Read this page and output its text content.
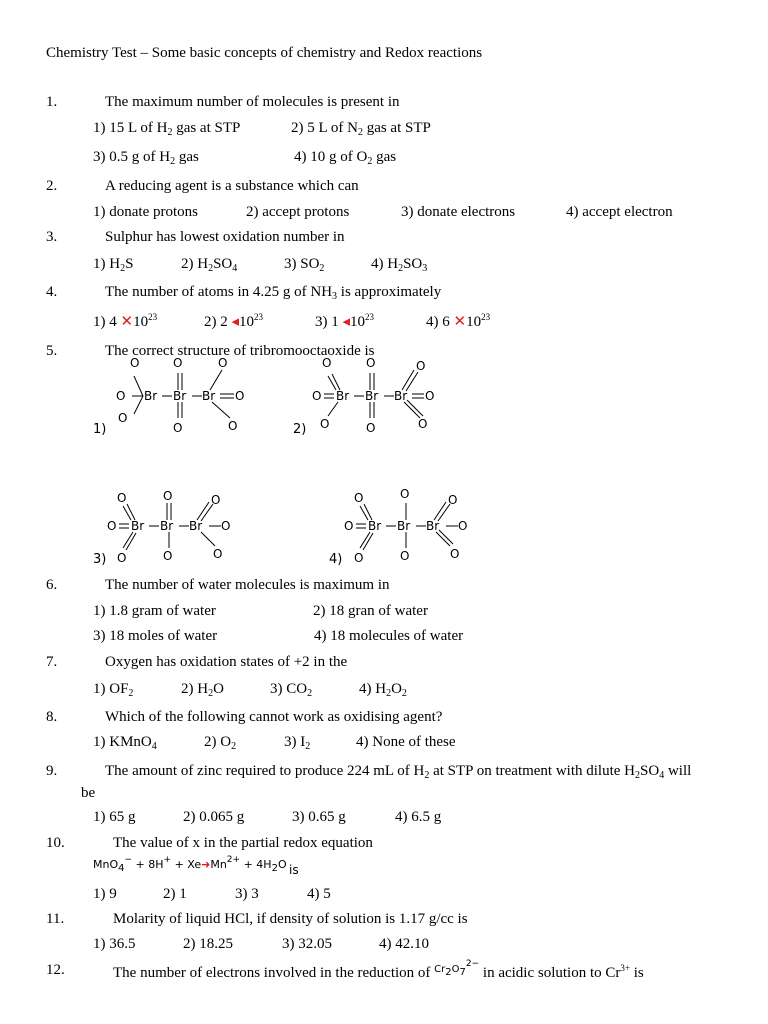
Chemistry Test – Some basic concepts of chemistry and Redox reactions
1.	The maximum number of molecules is present in
1) 15 L of $H_2$ gas at STP	2) 5 L of $N_2$ gas at STP
3) 0.5 g of $H_2$ gas	4) 10 g of $O_2$ gas
2.	A reducing agent is a substance which can
1) donate protons	2) accept protons	3) donate electrons	4) accept electron
3.	Sulphur has lowest oxidation number in
1) $H_2S$	2) $H_2SO_4$	3) $SO_2$	4) $H_2SO_3$
4.	The number of atoms in 4.25 g of $NH_3$ is approximately
1) 4 $✕10^{23}$	2) 2 $◂10^{23}$	3) 1 $◂10^{23}$	4) 6 $✕10^{23}$
5.	The correct structure of tribromooctaoxide is
O	O	O
O Br Br Br O
O
O	O
1)
O	O	O
O Br Br Br O
O	O	O
2)
O	O	O
O Br Br Br O
O	O	O
3)
O	O	O
O Br Br Br O
O	O	O
4)
6.	The number of water molecules is maximum in
1) 1.8 gram of water	2) 18 gran of water
3) 18 moles of water	4) 18 molecules of water
7.	Oxygen has oxidation states of +2 in the
1) $OF_2$	2) $H_2O$	3) $CO_2$	4) $H_2O_2$
8.	Which of the following cannot work as oxidising agent?
1) KMnO$_4$	2) $O_2$	3) $I_2$	4) None of these
9.	The amount of zinc required to produce 224 mL of $H_2$ at STP on treatment with dilute $H_2SO_4$ will
be
1) 65 g	2) 0.065 g	3) 0.65 g	4) 6.5 g
10.	The value of x in the partial redox equation
$MnO_4^- + 8H^+ + Xe➜Mn^{2+} + 4H_2O$ is
1) 9	2) 1	3) 3	4) 5
11.	Molarity of liquid HCl, if density of solution is 1.17 g/cc is
1) 36.5	2) 18.25	3) 32.05	4) 42.10
12.	The number of electrons involved in the reduction of $^{Cr_2O_7^{2-}}$ in acidic solution to $Cr^{3+}$ is
